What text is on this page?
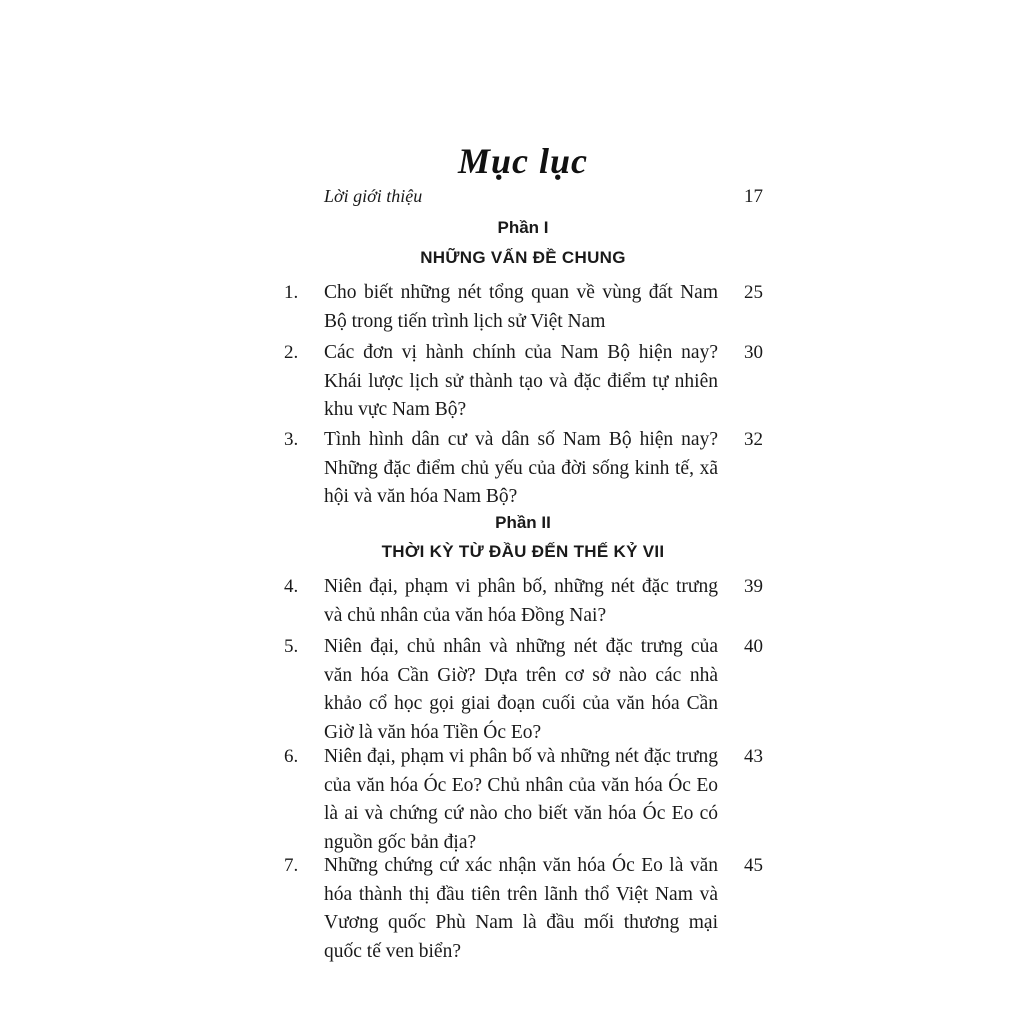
Mục lục
Lời giới thiệu	17
Phần I
NHỮNG VẤN ĐỀ CHUNG
1. Cho biết những nét tổng quan về vùng đất Nam Bộ trong tiến trình lịch sử Việt Nam
25
2. Các đơn vị hành chính của Nam Bộ hiện nay? Khái lược lịch sử thành tạo và đặc điểm tự nhiên khu vực Nam Bộ?
30
3. Tình hình dân cư và dân số Nam Bộ hiện nay? Những đặc điểm chủ yếu của đời sống kinh tế, xã hội và văn hóa Nam Bộ?
32
Phần II
THỜI KỲ TỪ ĐẦU ĐẾN THẾ KỶ VII
4. Niên đại, phạm vi phân bố, những nét đặc trưng và chủ nhân của văn hóa Đồng Nai?
39
5. Niên đại, chủ nhân và những nét đặc trưng của văn hóa Cần Giờ? Dựa trên cơ sở nào các nhà khảo cổ học gọi giai đoạn cuối của văn hóa Cần Giờ là văn hóa Tiền Óc Eo?
40
6. Niên đại, phạm vi phân bố và những nét đặc trưng của văn hóa Óc Eo? Chủ nhân của văn hóa Óc Eo là ai và chứng cứ nào cho biết văn hóa Óc Eo có nguồn gốc bản địa?
43
7. Những chứng cứ xác nhận văn hóa Óc Eo là văn hóa thành thị đầu tiên trên lãnh thổ Việt Nam và Vương quốc Phù Nam là đầu mối thương mại quốc tế ven biển?
45
